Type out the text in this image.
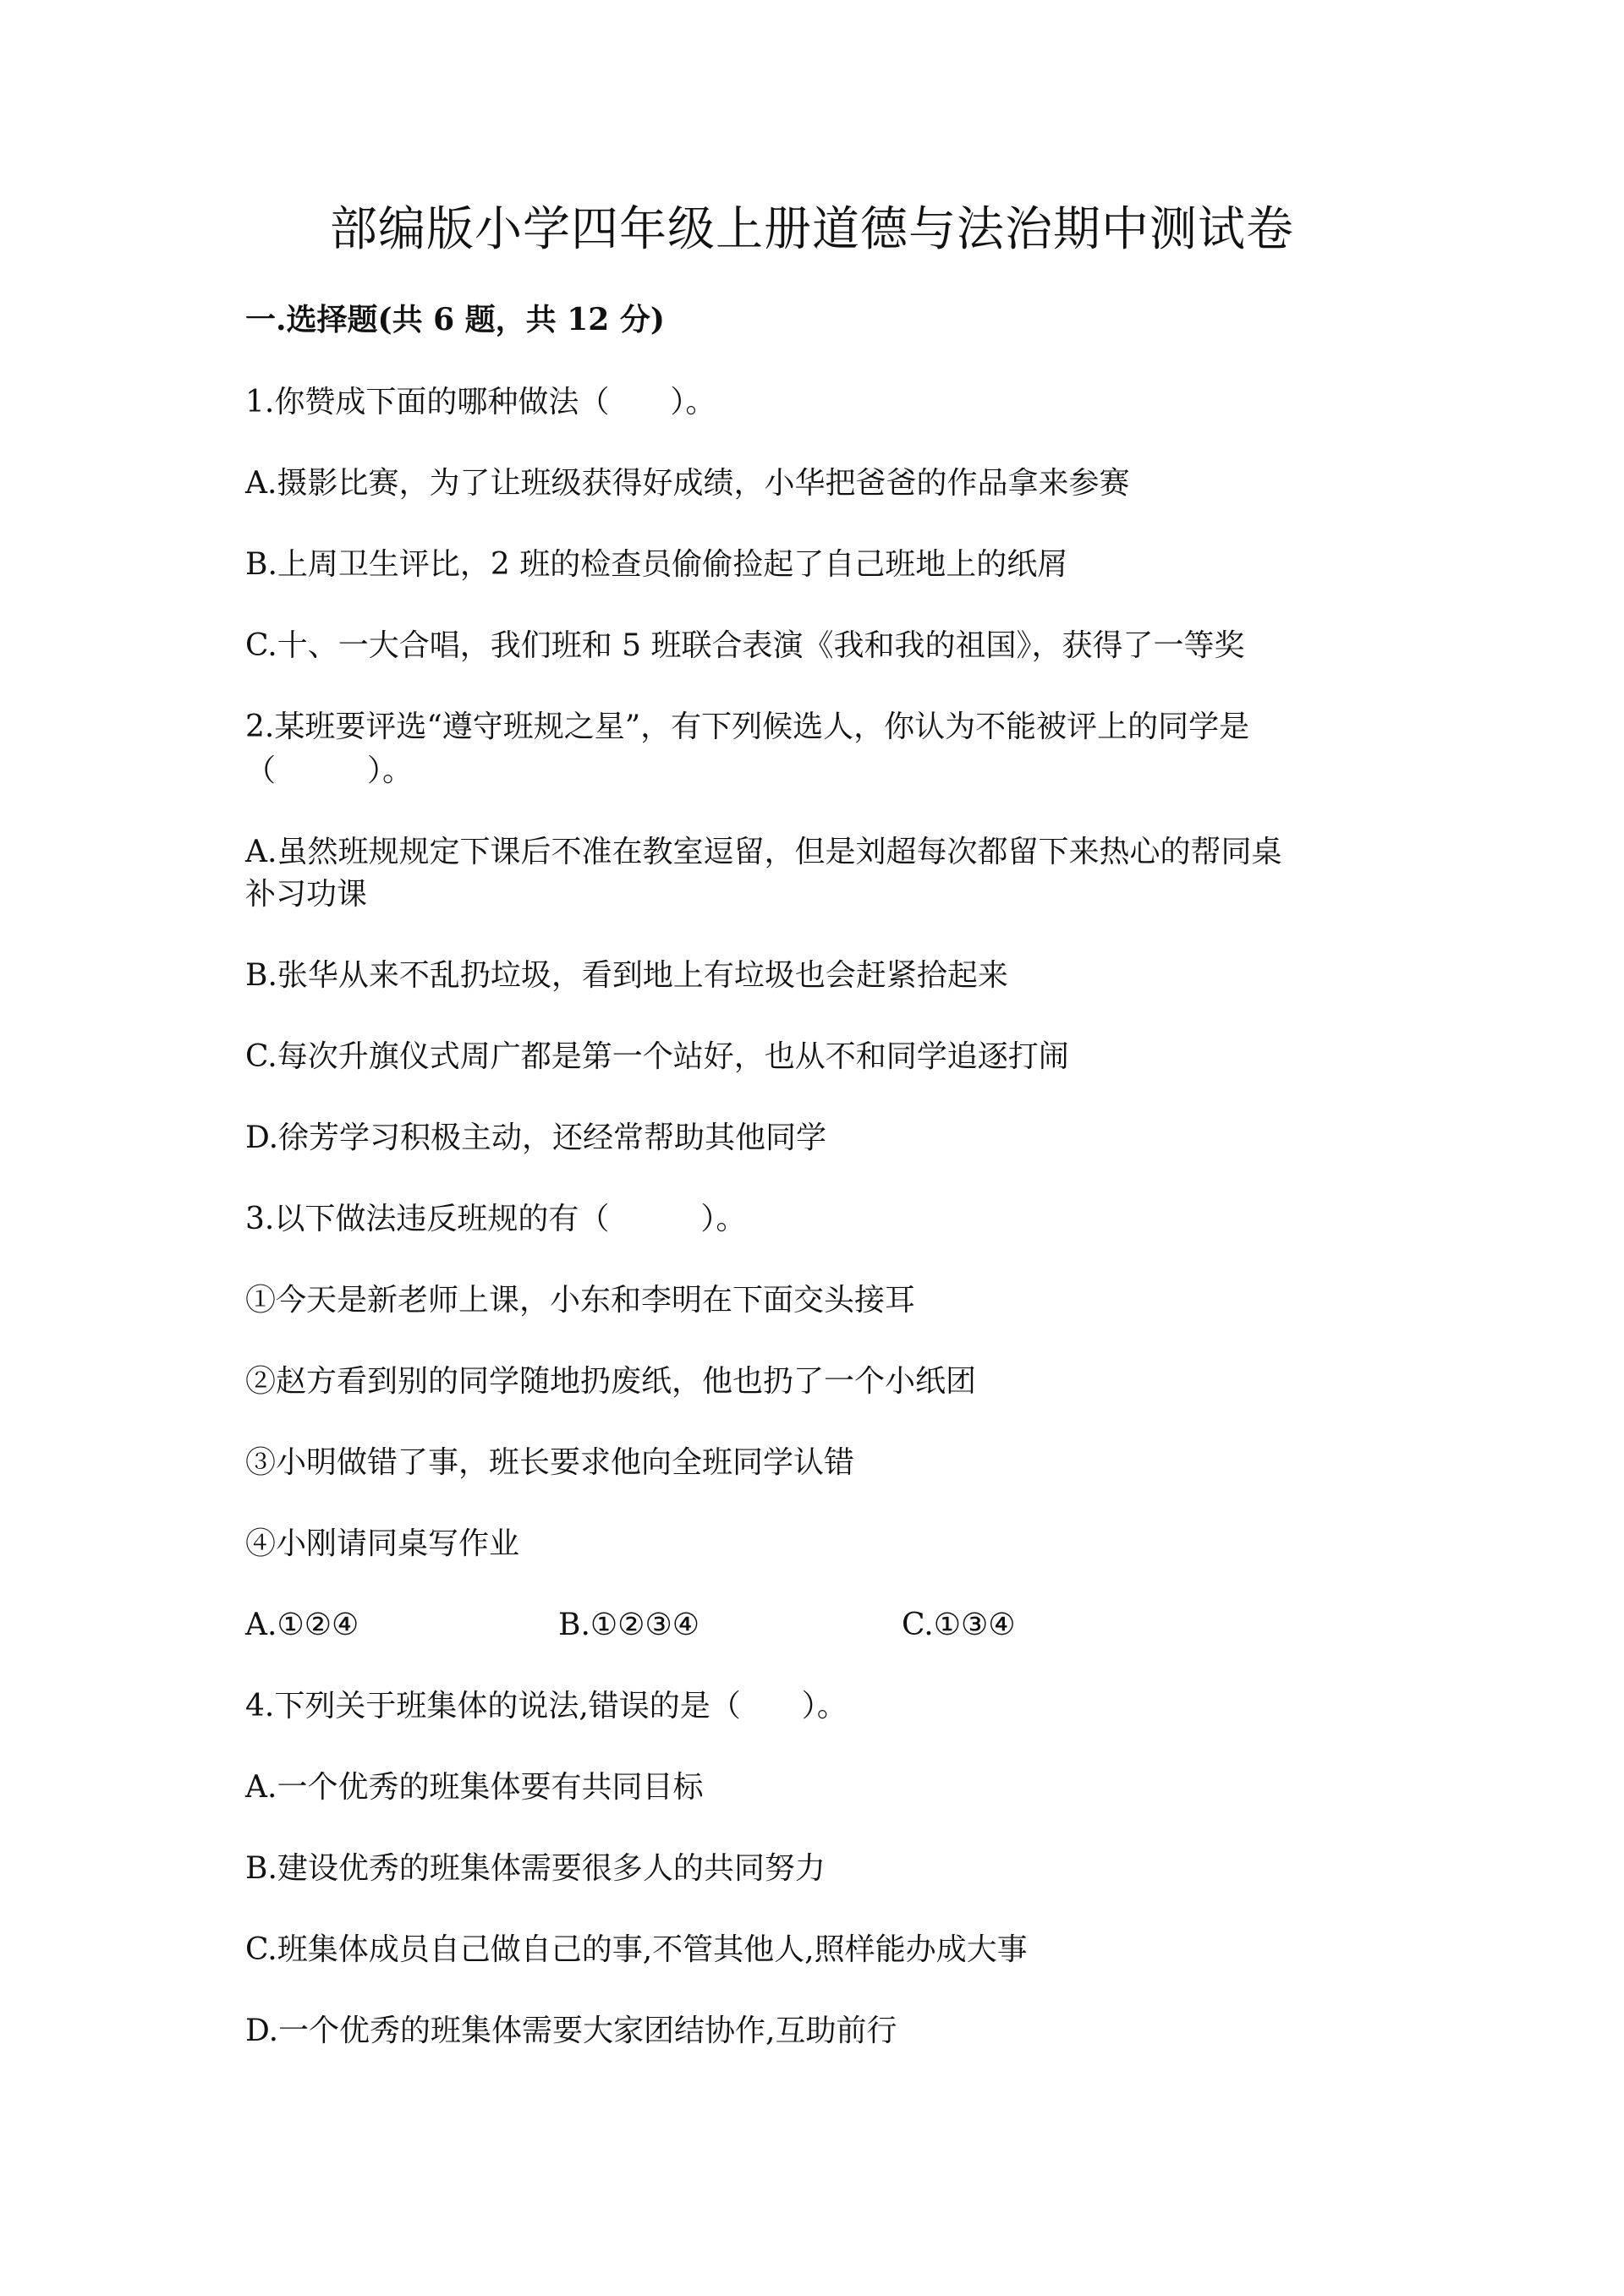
部编版小学四年级上册道德与法治期中测试卷
一.选择题(共 6 题，共 12 分)
1.你赞成下面的哪种做法（　　）。
A.摄影比赛，为了让班级获得好成绩，小华把爸爸的作品拿来参赛
B.上周卫生评比，2 班的检查员偷偷捡起了自己班地上的纸屑
C.十、一大合唱，我们班和 5 班联合表演《我和我的祖国》，获得了一等奖
2.某班要评选“遵守班规之星”，有下列候选人，你认为不能被评上的同学是
（　　　）。
A.虽然班规规定下课后不准在教室逗留，但是刘超每次都留下来热心的帮同桌
补习功课
B.张华从来不乱扔垃圾，看到地上有垃圾也会赶紧拾起来
C.每次升旗仪式周广都是第一个站好，也从不和同学追逐打闹
D.徐芳学习积极主动，还经常帮助其他同学
3.以下做法违反班规的有（　　　）。
①今天是新老师上课，小东和李明在下面交头接耳
②赵方看到别的同学随地扔废纸，他也扔了一个小纸团
③小明做错了事，班长要求他向全班同学认错
④小刚请同桌写作业
A.①②④	B.①②③④	C.①③④
4.下列关于班集体的说法,错误的是（　　）。
A.一个优秀的班集体要有共同目标
B.建设优秀的班集体需要很多人的共同努力
C.班集体成员自己做自己的事,不管其他人,照样能办成大事
D.一个优秀的班集体需要大家团结协作,互助前行
